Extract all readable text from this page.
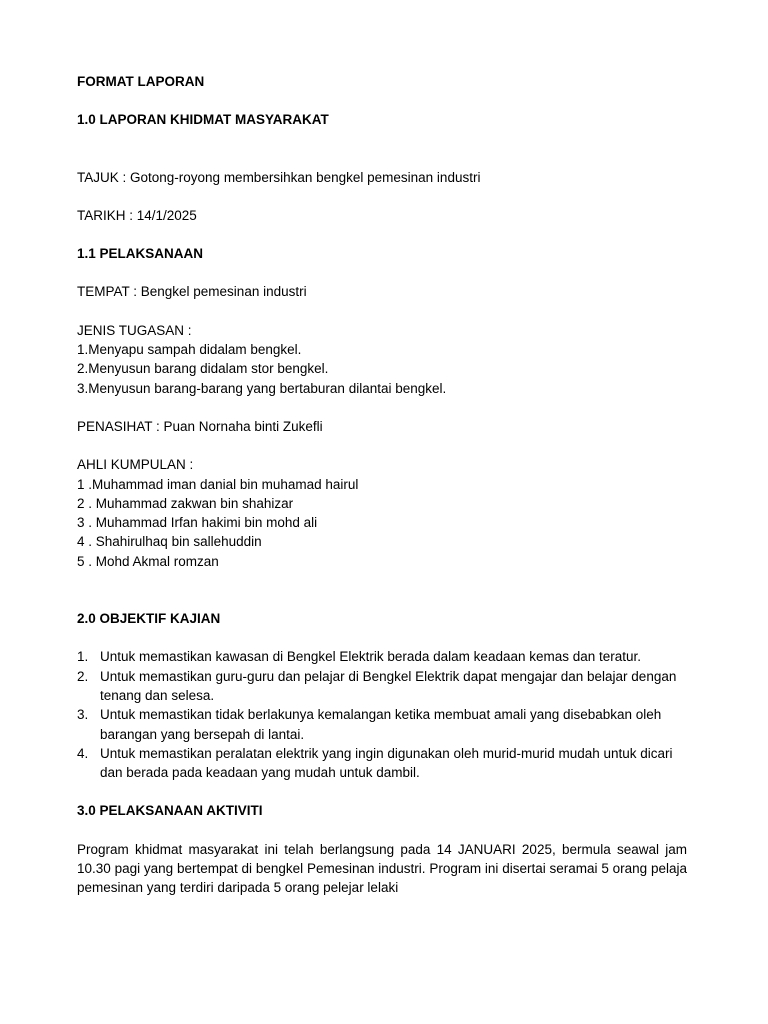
FORMAT LAPORAN

1.0 LAPORAN KHIDMAT MASYARAKAT

TAJUK : Gotong-royong membersihkan bengkel pemesinan industri

TARIKH : 14/1/2025

1.1 PELAKSANAAN

TEMPAT : Bengkel pemesinan industri

JENIS TUGASAN :

1.Menyapu sampah didalam bengkel.

2.Menyusun barang didalam stor bengkel.

3.Menyusun barang-barang yang bertaburan dilantai bengkel.

PENASIHAT : Puan Nornaha binti Zukefli

AHLI KUMPULAN :

1 .Muhammad iman danial bin muhamad hairul

2 . Muhammad zakwan bin shahizar

3 . Muhammad Irfan hakimi bin mohd ali

4 . Shahirulhaq bin sallehuddin

5 . Mohd Akmal romzan

2.0 OBJEKTIF KAJIAN

1. Untuk memastikan kawasan di Bengkel Elektrik berada dalam keadaan kemas dan teratur.
2. Untuk memastikan guru-guru dan pelajar di Bengkel Elektrik dapat mengajar dan belajar dengan tenang dan selesa.
3. Untuk memastikan tidak berlakunya kemalangan ketika membuat amali yang disebabkan oleh barangan yang bersepah di lantai.
4. Untuk memastikan peralatan elektrik yang ingin digunakan oleh murid-murid mudah untuk dicari dan berada pada keadaan yang mudah untuk dambil.

3.0 PELAKSANAAN AKTIVITI

Program khidmat masyarakat ini telah berlangsung pada 14 JANUARI 2025, bermula seawal jam 10.30 pagi yang bertempat di bengkel Pemesinan industri. Program ini disertai seramai 5 orang pelaja pemesinan yang terdiri daripada 5 orang pelejar lelaki
